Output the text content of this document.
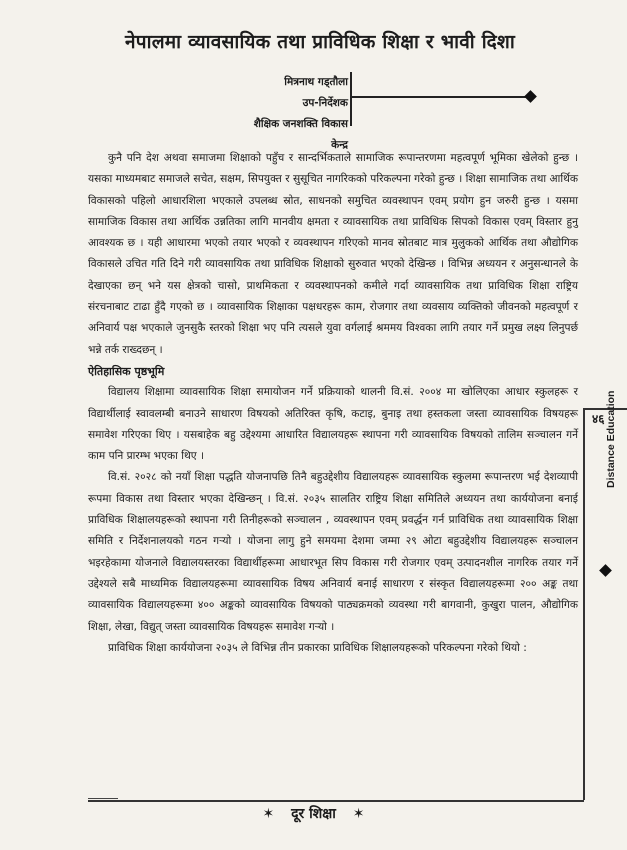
नेपालमा व्यावसायिक तथा प्राविधिक शिक्षा र भावी दिशा
मित्रनाथ गड्तौला
उप-निर्देशक
शैक्षिक जनशक्ति विकास केन्द्र

कुनै पनि देश अथवा समाजमा शिक्षाको पहुँच र सान्दर्भिकताले सामाजिक रूपान्तरणमा महत्वपूर्ण भूमिका खेलेको हुन्छ । यसका माध्यमबाट समाजले सचेत, सक्षम, सिपयुक्त र सुसूचित नागरिकको परिकल्पना गरेको हुन्छ । शिक्षा सामाजिक तथा आर्थिक विकासको पहिलो आधारशिला भएकाले उपलब्ध स्रोत, साधनको समुचित व्यवस्थापन एवम् प्रयोग हुन जरुरी हुन्छ । यसमा सामाजिक विकास तथा आर्थिक उन्नतिका लागि मानवीय क्षमता र व्यावसायिक तथा प्राविधिक सिपको विकास एवम् विस्तार हुनु आवश्यक छ । यही आधारमा भएको तयार भएको र व्यवस्थापन गरिएको मानव स्रोतबाट मात्र मुलुकको आर्थिक तथा औद्योगिक विकासले उचित गति दिने गरी व्यावसायिक तथा प्राविधिक शिक्षाको सुरुवात भएको देखिन्छ । विभिन्न अध्ययन र अनुसन्धानले के देखाएका छन् भने यस क्षेत्रको चासो, प्राथमिकता र व्यवस्थापनको कमीले गर्दा व्यावसायिक तथा प्राविधिक शिक्षा राष्ट्रिय संरचनाबाट टाढा हुँदै गएको छ । व्यावसायिक शिक्षाका पक्षधरहरू काम, रोजगार तथा व्यवसाय व्यक्तिको जीवनको महत्वपूर्ण र अनिवार्य पक्ष भएकाले जुनसुकै स्तरको शिक्षा भए पनि त्यसले युवा वर्गलाई श्रममय विश्वका लागि तयार गर्ने प्रमुख लक्ष्य लिनुपर्छ भन्ने तर्क राख्दछन् ।

ऐतिहासिक पृष्ठभूमि

विद्यालय शिक्षामा व्यावसायिक शिक्षा समायोजन गर्ने प्रक्रियाको थालनी वि.सं. २००४ मा खोलिएका आधार स्कुलहरू र विद्यार्थीलाई स्वावलम्बी बनाउने साधारण विषयको अतिरिक्त कृषि, कटाइ, बुनाइ तथा हस्तकला जस्ता व्यावसायिक विषयहरू समावेश गरिएका थिए । यसबाहेक बहु उद्देश्यमा आधारित विद्यालयहरू स्थापना गरी व्यावसायिक विषयको तालिम सञ्चालन गर्ने काम पनि प्रारम्भ भएका थिए ।

वि.सं. २०२८ को नयाँ शिक्षा पद्धति योजनापछि तिनै बहुउद्देशीय विद्यालयहरू व्यावसायिक स्कुलमा रूपान्तरण भई देशव्यापी रूपमा विकास तथा विस्तार भएका देखिन्छन् । वि.सं. २०३५ सालतिर राष्ट्रिय शिक्षा समितिले अध्ययन तथा कार्ययोजना बनाई प्राविधिक शिक्षालयहरूको स्थापना गरी तिनीहरूको सञ्चालन , व्यवस्थापन एवम् प्रवर्द्धन गर्न प्राविधिक तथा व्यावसायिक शिक्षा समिति र निर्देशनालयको गठन गऱ्यो । योजना लागु हुने समयमा देशमा जम्मा २९ ओटा बहुउद्देशीय विद्यालयहरू सञ्चालन भइरहेकामा योजनाले विद्यालयस्तरका विद्यार्थीहरूमा आधारभूत सिप विकास गरी रोजगार एवम् उत्पादनशील नागरिक तयार गर्ने उद्देश्यले सबै माध्यमिक विद्यालयहरूमा व्यावसायिक विषय अनिवार्य बनाई साधारण र संस्कृत विद्यालयहरूमा २०० अङ्क तथा व्यावसायिक विद्यालयहरूमा ४०० अङ्कको व्यावसायिक विषयको पाठ्यक्रमको व्यवस्था गरी बागवानी, कुखुरा पालन, औद्योगिक शिक्षा, लेखा, विद्युत् जस्ता व्यावसायिक विषयहरू समावेश गऱ्यो ।

प्राविधिक शिक्षा कार्ययोजना २०३५ ले विभिन्न तीन प्रकारका प्राविधिक शिक्षालयहरूको परिकल्पना गरेको थियो :

४६ Distance Education
✶ दूर शिक्षा ✶
